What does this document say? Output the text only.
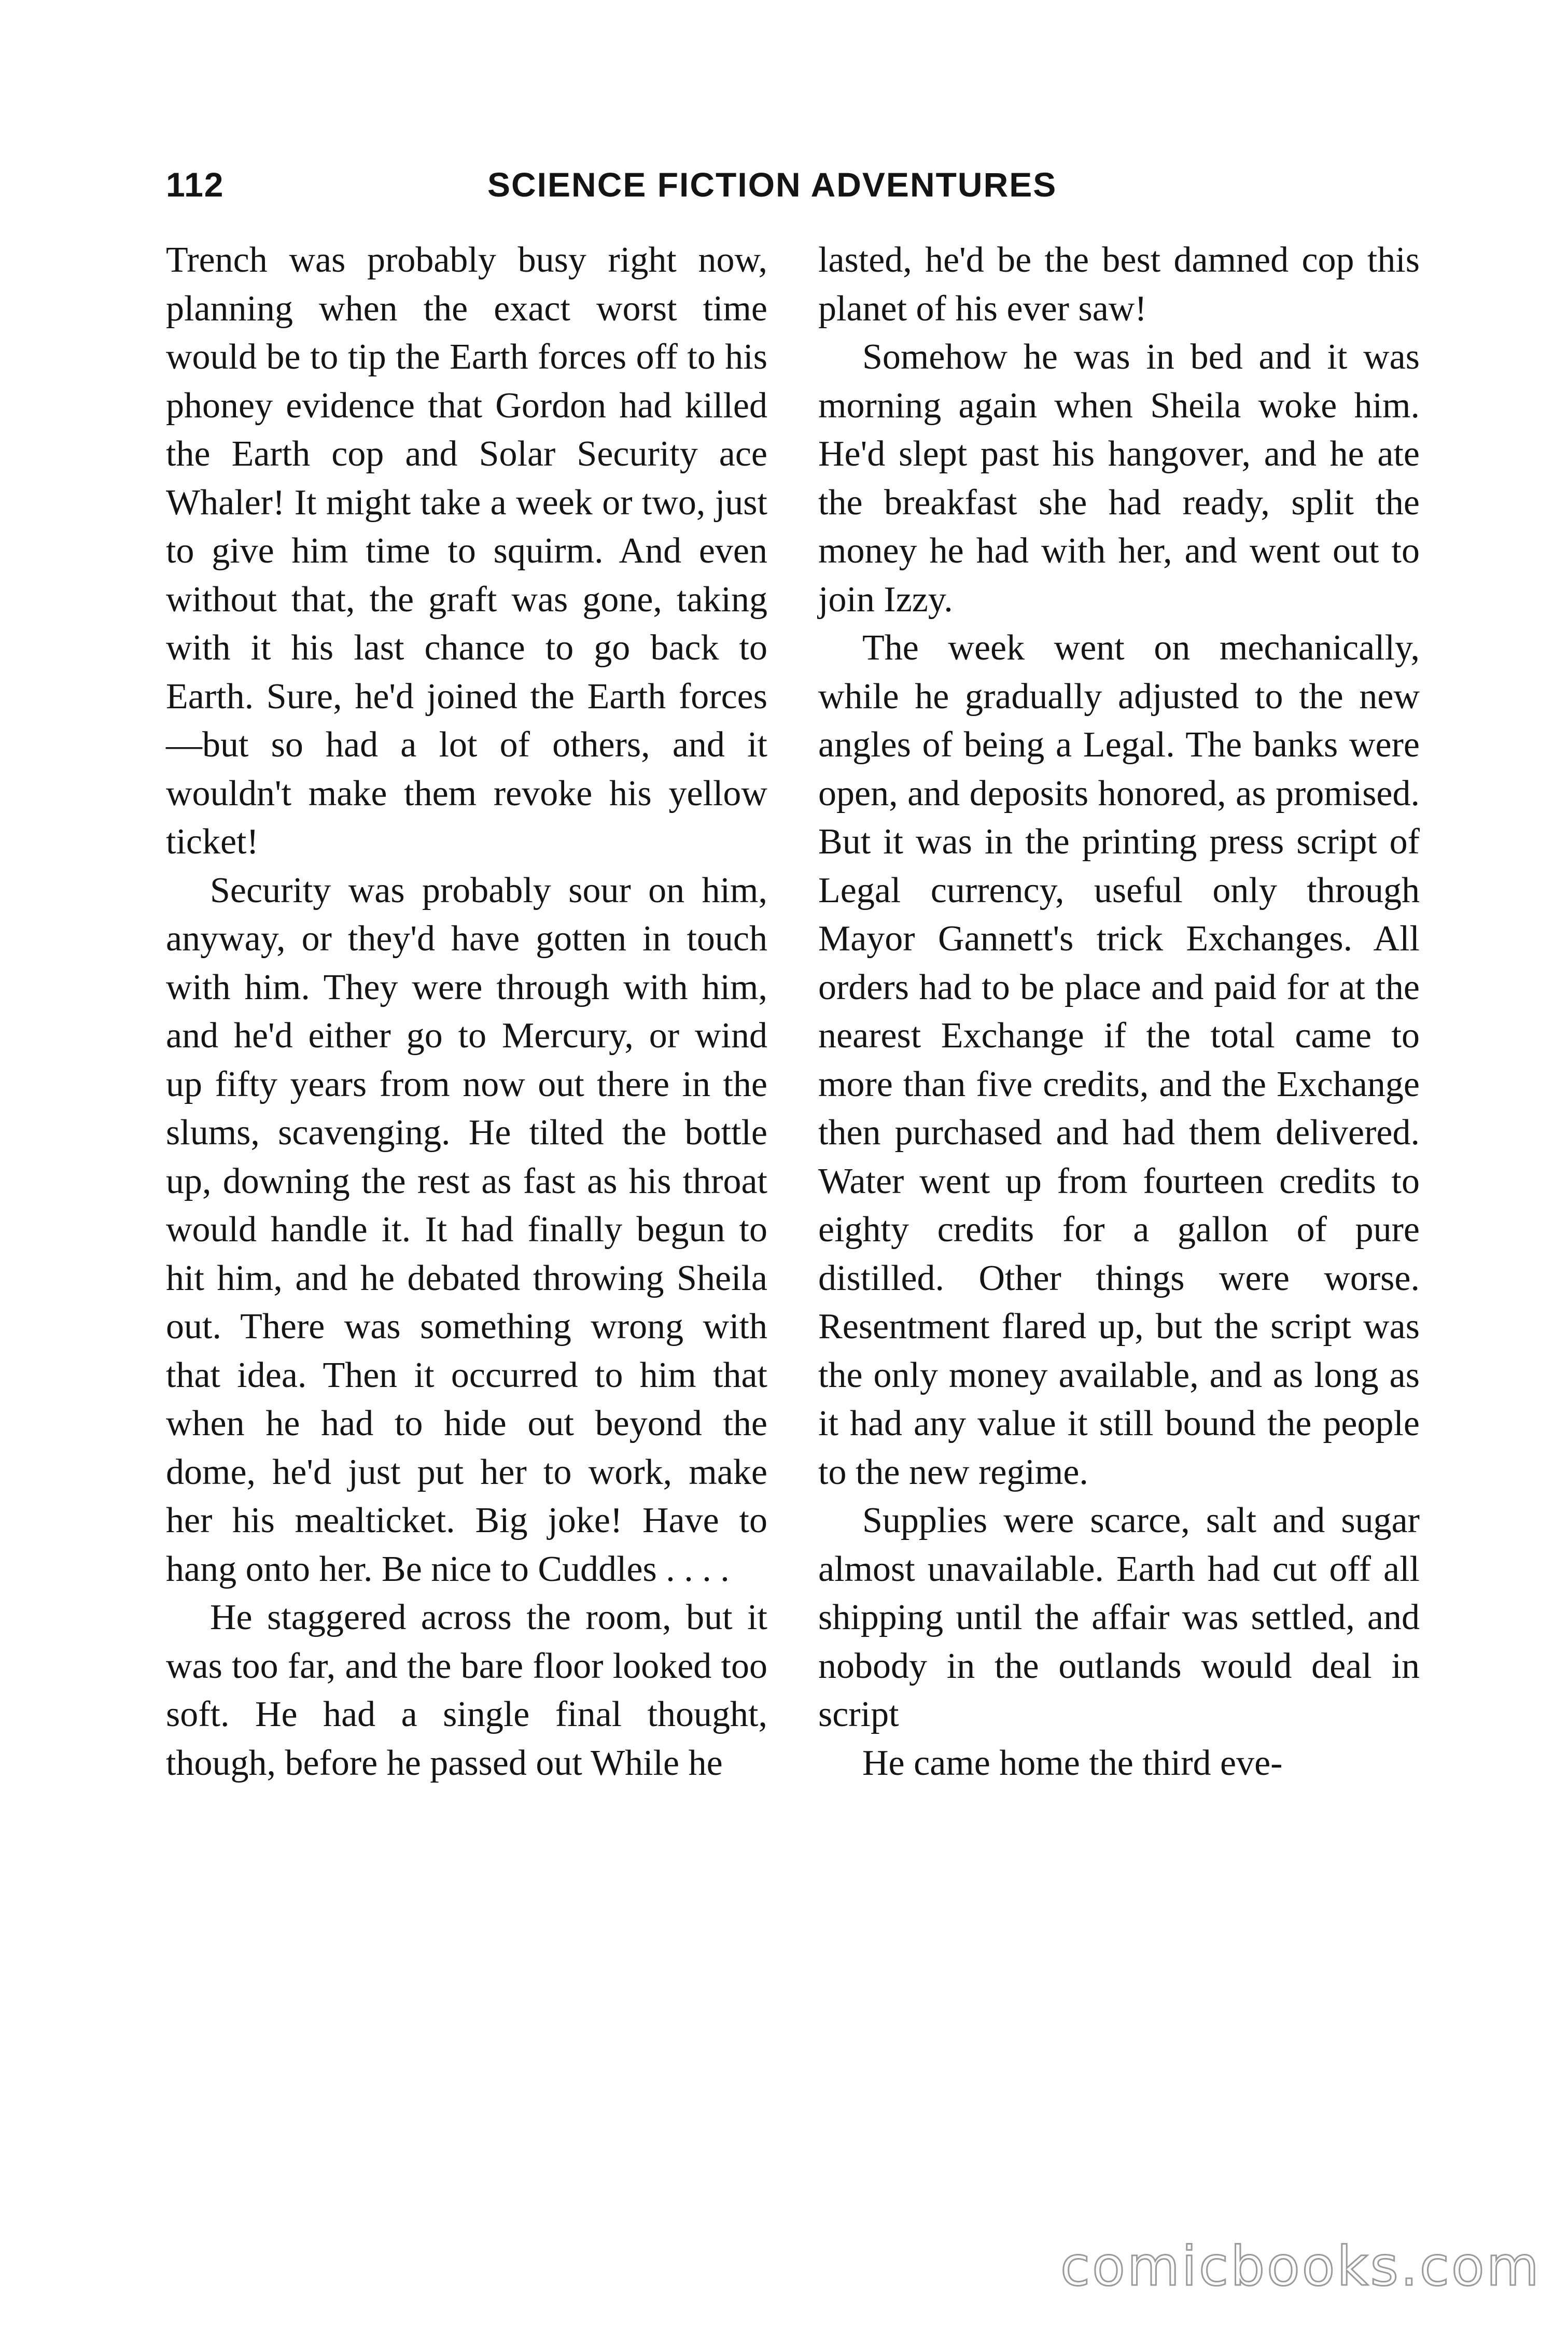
112	SCIENCE FICTION ADVENTURES

Trench was probably busy right now, planning when the exact worst time would be to tip the Earth forces off to his phoney evidence that Gordon had killed the Earth cop and Solar Security ace Whaler! It might take a week or two, just to give him time to squirm. And even without that, the graft was gone, taking with it his last chance to go back to Earth. Sure, he'd joined the Earth forces—but so had a lot of others, and it wouldn't make them revoke his yellow ticket!

Security was probably sour on him, anyway, or they'd have gotten in touch with him. They were through with him, and he'd either go to Mercury, or wind up fifty years from now out there in the slums, scavenging. He tilted the bottle up, downing the rest as fast as his throat would handle it. It had finally begun to hit him, and he debated throwing Sheila out. There was something wrong with that idea. Then it occurred to him that when he had to hide out beyond the dome, he'd just put her to work, make her his mealticket. Big joke! Have to hang onto her. Be nice to Cuddles . . . .

He staggered across the room, but it was too far, and the bare floor looked too soft. He had a single final thought, though, before he passed out While he

lasted, he'd be the best damned cop this planet of his ever saw!

Somehow he was in bed and it was morning again when Sheila woke him. He'd slept past his hangover, and he ate the breakfast she had ready, split the money he had with her, and went out to join Izzy.

The week went on mechanically, while he gradually adjusted to the new angles of being a Legal. The banks were open, and deposits honored, as promised. But it was in the printing press script of Legal currency, useful only through Mayor Gannett's trick Exchanges. All orders had to be place and paid for at the nearest Exchange if the total came to more than five credits, and the Exchange then purchased and had them delivered. Water went up from fourteen credits to eighty credits for a gallon of pure distilled. Other things were worse. Resentment flared up, but the script was the only money available, and as long as it had any value it still bound the people to the new regime.

Supplies were scarce, salt and sugar almost unavailable. Earth had cut off all shipping until the affair was settled, and nobody in the outlands would deal in script

He came home the third eve-

comicbooks.com
